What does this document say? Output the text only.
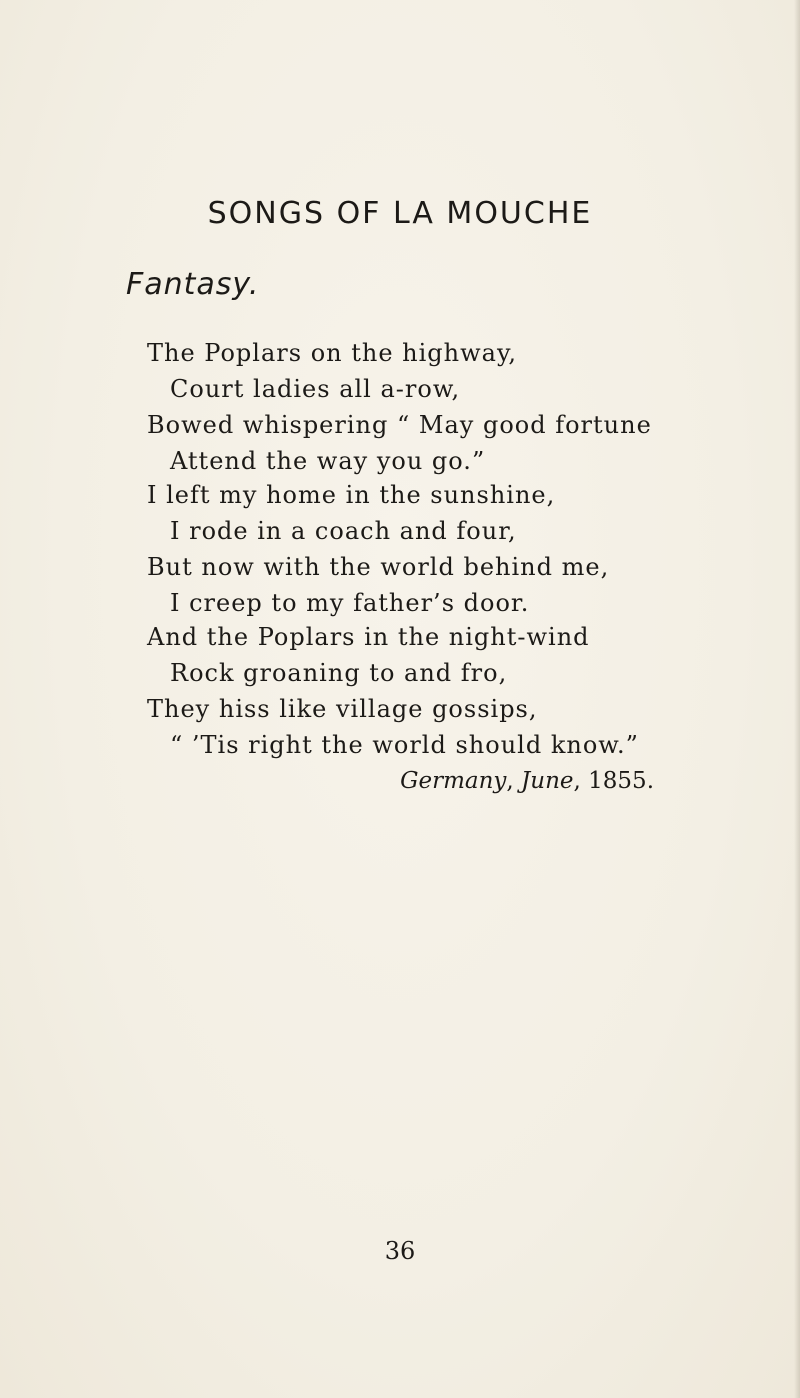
SONGS OF LA MOUCHE
Fantasy.
The Poplars on the highway,
Court ladies all a-row,
Bowed whispering “ May good fortune
Attend the way you go.”
I left my home in the sunshine,
I rode in a coach and four,
But now with the world behind me,
I creep to my father’s door.
And the Poplars in the night-wind
Rock groaning to and fro,
They hiss like village gossips,
“ ’Tis right the world should know.”
Germany, June, 1855.
36
